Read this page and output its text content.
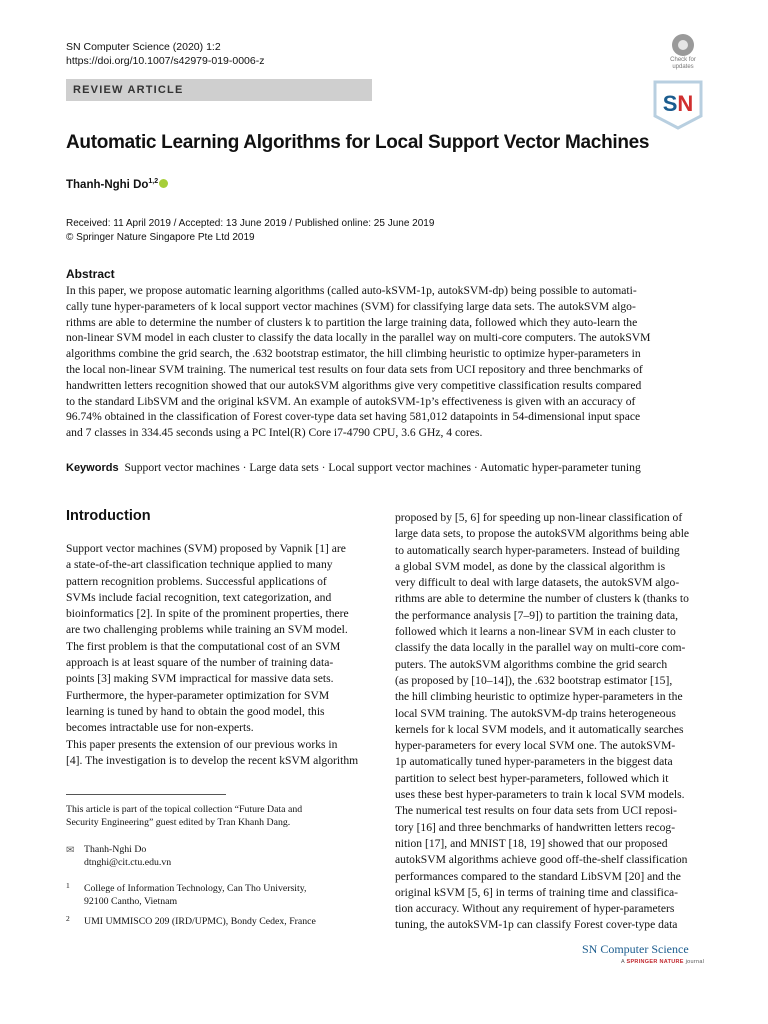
SN Computer Science (2020) 1:2
https://doi.org/10.1007/s42979-019-0006-z
REVIEW ARTICLE
Check for
updates
SN
Automatic Learning Algorithms for Local Support Vector Machines
Thanh-Nghi Do$^{1,2}$
Received: 11 April 2019 / Accepted: 13 June 2019 / Published online: 25 June 2019
© Springer Nature Singapore Pte Ltd 2019
Abstract
In this paper, we propose automatic learning algorithms (called auto-kSVM-1p, autokSVM-dp) being possible to automati-
cally tune hyper-parameters of k local support vector machines (SVM) for classifying large data sets. The autokSVM algo-
rithms are able to determine the number of clusters k to partition the large training data, followed which they auto-learn the
non-linear SVM model in each cluster to classify the data locally in the parallel way on multi-core computers. The autokSVM
algorithms combine the grid search, the .632 bootstrap estimator, the hill climbing heuristic to optimize hyper-parameters in
the local non-linear SVM training. The numerical test results on four data sets from UCI repository and three benchmarks of
handwritten letters recognition showed that our autokSVM algorithms give very competitive classification results compared
to the standard LibSVM and the original kSVM. An example of autokSVM-1p’s effectiveness is given with an accuracy of
96.74% obtained in the classification of Forest cover-type data set having 581,012 datapoints in 54-dimensional input space
and 7 classes in 334.45 seconds using a PC Intel(R) Core i7-4790 CPU, 3.6 GHz, 4 cores.
Keywords Support vector machines · Large data sets · Local support vector machines · Automatic hyper-parameter tuning
Introduction
Support vector machines (SVM) proposed by Vapnik [1] are
a state-of-the-art classification technique applied to many
pattern recognition problems. Successful applications of
SVMs include facial recognition, text categorization, and
bioinformatics [2]. In spite of the prominent properties, there
are two challenging problems while training an SVM model.
The first problem is that the computational cost of an SVM
approach is at least square of the number of training data-
points [3] making SVM impractical for massive data sets.
Furthermore, the hyper-parameter optimization for SVM
learning is tuned by hand to obtain the good model, this
becomes intractable use for non-experts.
This paper presents the extension of our previous works in
[4]. The investigation is to develop the recent kSVM algorithm
proposed by [5, 6] for speeding up non-linear classification of
large data sets, to propose the autokSVM algorithms being able
to automatically search hyper-parameters. Instead of building
a global SVM model, as done by the classical algorithm is
very difficult to deal with large datasets, the autokSVM algo-
rithms are able to determine the number of clusters k (thanks to
the performance analysis [7–9]) to partition the training data,
followed which it learns a non-linear SVM in each cluster to
classify the data locally in the parallel way on multi-core com-
puters. The autokSVM algorithms combine the grid search
(as proposed by [10–14]), the .632 bootstrap estimator [15],
the hill climbing heuristic to optimize hyper-parameters in the
local SVM training. The autokSVM-dp trains heterogeneous
kernels for k local SVM models, and it automatically searches
hyper-parameters for every local SVM one. The autokSVM-
1p automatically tuned hyper-parameters in the biggest data
partition to select best hyper-parameters, followed which it
uses these best hyper-parameters to train k local SVM models.
The numerical test results on four data sets from UCI reposi-
tory [16] and three benchmarks of handwritten letters recog-
nition [17], and MNIST [18, 19] showed that our proposed
autokSVM algorithms achieve good off-the-shelf classification
performances compared to the standard LibSVM [20] and the
original kSVM [5, 6] in terms of training time and classifica-
tion accuracy. Without any requirement of hyper-parameters
tuning, the autokSVM-1p can classify Forest cover-type data
This article is part of the topical collection “Future Data and
Security Engineering” guest edited by Tran Khanh Dang.
✉ Thanh-Nghi Do
dtnghi@cit.ctu.edu.vn
1 College of Information Technology, Can Tho University,
92100 Cantho, Vietnam
2 UMI UMMISCO 209 (IRD/UPMC), Bondy Cedex, France
SN Computer Science
A SPRINGER NATURE journal
